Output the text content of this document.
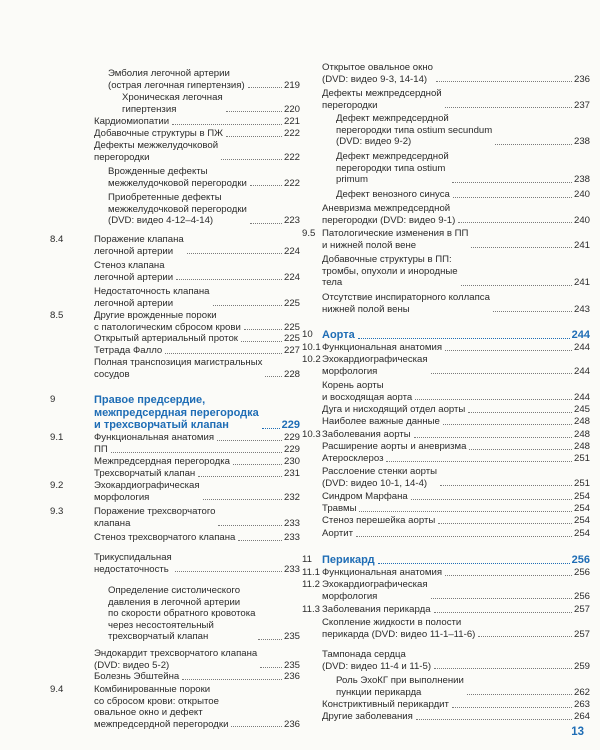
Эмболия легочной артерии
(острая легочная гипертензия)	219
Хроническая легочная
гипертензия	220
Кардиомиопатии	221
Добавочные структуры в ПЖ	222
Дефекты межжелудочковой
перегородки	222
Врожденные дефекты
межжелудочковой перегородки	222
Приобретенные дефекты
межжелудочковой перегородки
(DVD: видео 4-12–4-14)	223
8.4	Поражение клапана
легочной артерии	224
Стеноз клапана
легочной артерии	224
Недостаточность клапана
легочной артерии	225
8.5	Другие врожденные пороки
с патологическим сбросом крови	225
Открытый артериальный проток	225
Тетрада Фалло	227
Полная транспозиция магистральных
сосудов	228
9	Правое предсердие,
межпредсердная перегородка
и трехсворчатый клапан	229
9.1	Функциональная анатомия	229
ПП	229
Межпредсердная перегородка	230
Трехсворчатый клапан	231
9.2	Эхокардиографическая
морфология	232
9.3	Поражение трехсворчатого
клапана	233
Стеноз трехсворчатого клапана	233
Трикуспидальная
недостаточность	233
Определение систолического
давления в легочной артерии
по скорости обратного кровотока
через несостоятельный
трехсворчатый клапан	235
Эндокардит трехсворчатого клапана
(DVD: видео 5-2)	235
Болезнь Эбштейна	236
9.4	Комбинированные пороки
со сбросом крови: открытое
овальное окно и дефект
межпредсердной перегородки	236
Открытое овальное окно
(DVD: видео 9-3, 14-14)	236
Дефекты межпредсердной
перегородки	237
Дефект межпредсердной
перегородки типа ostium secundum
(DVD: видео 9-2)	238
Дефект межпредсердной
перегородки типа ostium
primum	238
Дефект венозного синуса	240
Аневризма межпредсердной
перегородки (DVD: видео 9-1)	240
9.5 Патологические изменения в ПП
и нижней полой вене	241
Добавочные структуры в ПП:
тромбы, опухоли и инородные
тела	241
Отсутствие инспираторного коллапса
нижней полой вены	243
10 Аорта	244
10.1 Функциональная анатомия	244
10.2 Эхокардиографическая
морфология	244
Корень аорты
и восходящая аорта	244
Дуга и нисходящий отдел аорты	245
Наиболее важные данные	248
10.3 Заболевания аорты	248
Расширение аорты и аневризма	248
Атеросклероз	251
Расслоение стенки аорты
(DVD: видео 10-1, 14-4)	251
Синдром Марфана	254
Травмы	254
Стеноз перешейка аорты	254
Аортит	254
11 Перикард	256
11.1 Функциональная анатомия	256
11.2 Эхокардиографическая
морфология	256
11.3 Заболевания перикарда	257
Скопление жидкости в полости
перикарда (DVD: видео 11-1–11-6)	257
Тампонада сердца
(DVD: видео 11-4 и 11-5)	259
Роль ЭхоКГ при выполнении
пункции перикарда	262
Констриктивный перикардит	263
Другие заболевания	264
13
